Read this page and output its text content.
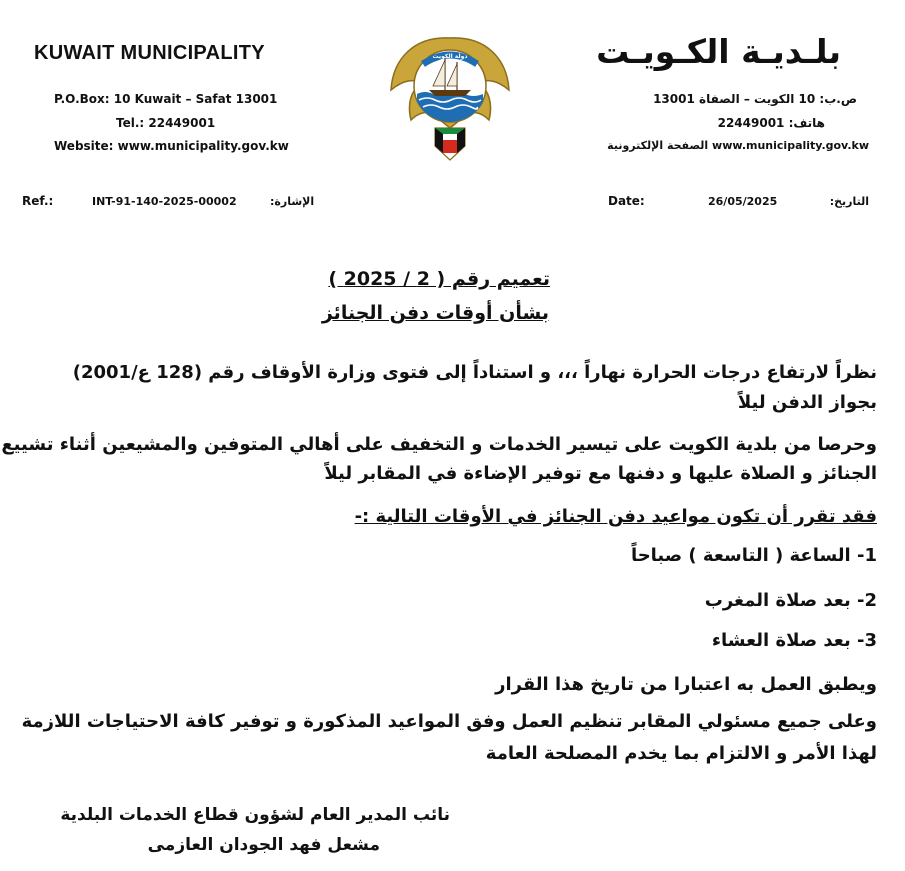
KUWAIT MUNICIPALITY
P.O.Box: 10 Kuwait – Safat 13001
Tel.: 22449001
Website: www.municipality.gov.kw
بلـديـة الكـويـت
ص.ب: 10 الكويت – الصفاة 13001
هاتف: 22449001
www.municipality.gov.kw الصفحة الإلكترونية
دولة الكويت
Ref.:	INT-91-140-2025-00002	الإشارة:	Date:	26/05/2025	التاريخ:
تعميم رقم ( 2 / 2025 )
بشأن أوقات دفن الجنائز
نظراً لارتفاع درجات الحرارة نهاراً ،،، و استناداً إلى فتوى وزارة الأوقاف رقم (128 ع/2001)
بجواز الدفن ليلاً
وحرصا من بلدية الكويت على تيسير الخدمات و التخفيف على أهالي المتوفين والمشيعين أثناء تشييع
الجنائز و الصلاة عليها و دفنها مع توفير الإضاءة في المقابر ليلاً
فقد تقرر أن تكون مواعيد دفن الجنائز في الأوقات التالية :-
1- الساعة ( التاسعة ) صباحاً
2- بعد صلاة المغرب
3- بعد صلاة العشاء
ويطبق العمل به اعتبارا من تاريخ هذا القرار
وعلى جميع مسئولي المقابر تنظيم العمل وفق المواعيد المذكورة و توفير كافة الاحتياجات اللازمة
لهذا الأمر و الالتزام بما يخدم المصلحة العامة
نائب المدير العام لشؤون قطاع الخدمات البلدية
مشعل فهد الجودان العازمى
